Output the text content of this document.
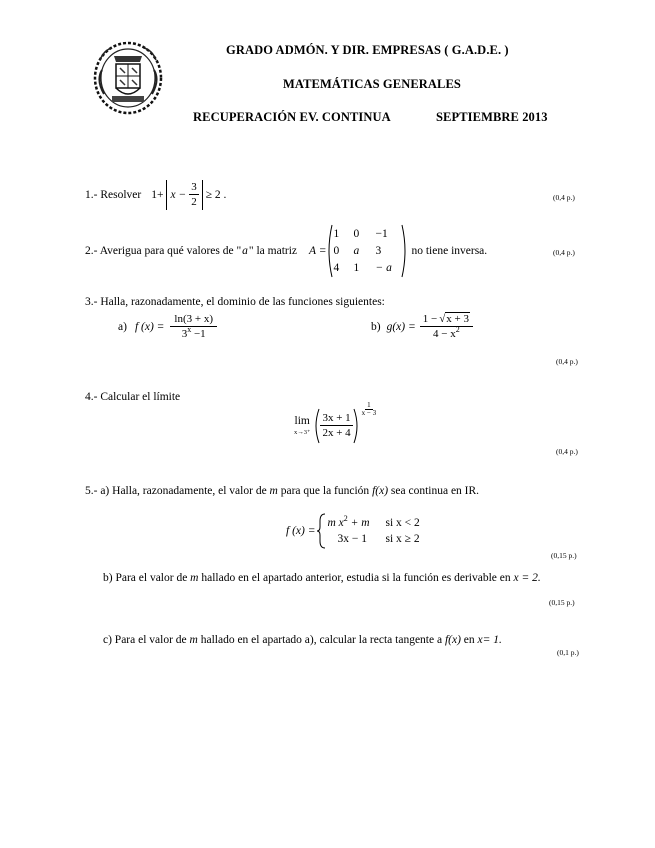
GRADO ADMÓN. Y DIR. EMPRESAS ( G.A.D.E. )
MATEMÁTICAS GENERALES
RECUPERACIÓN EV. CONTINUA	SEPTIEMBRE 2013
1.- Resolver $1+ x - \frac{3}{2} \ge 2$ .	(0,4 p.)
2.- Averigua para qué valores de " a " la matriz A =
1	0	−1
0	a	3
4	1	− a
no tiene inversa.	(0,4 p.)
3.- Halla, razonadamente, el dominio de las funciones siguientes:
a) f $(x) = \frac{\ln(3 + x)}{3^x -1}$	b) $g(x) = \frac{1 - √x + 3}{4 - x^2}$
(0,4 p.)
4.- Calcular el límite
lim
$x\to 3^+ \frac{3x + 1}{2x + 4}$
$\frac{1}{x - 3}$
(0,4 p.)
5.- a) Halla, razonadamente, el valor de m para que la función f(x) sea continua en IR.
f (x) =
m $x^2 + m$	si x < 2
3x − 1	si x ≥ 2
(0,15 p.)
b) Para el valor de m hallado en el apartado anterior, estudia si la función es derivable en x = 2.
(0,15 p.)
c) Para el valor de m hallado en el apartado a), calcular la recta tangente a f(x) en x= 1.
(0,1 p.)
